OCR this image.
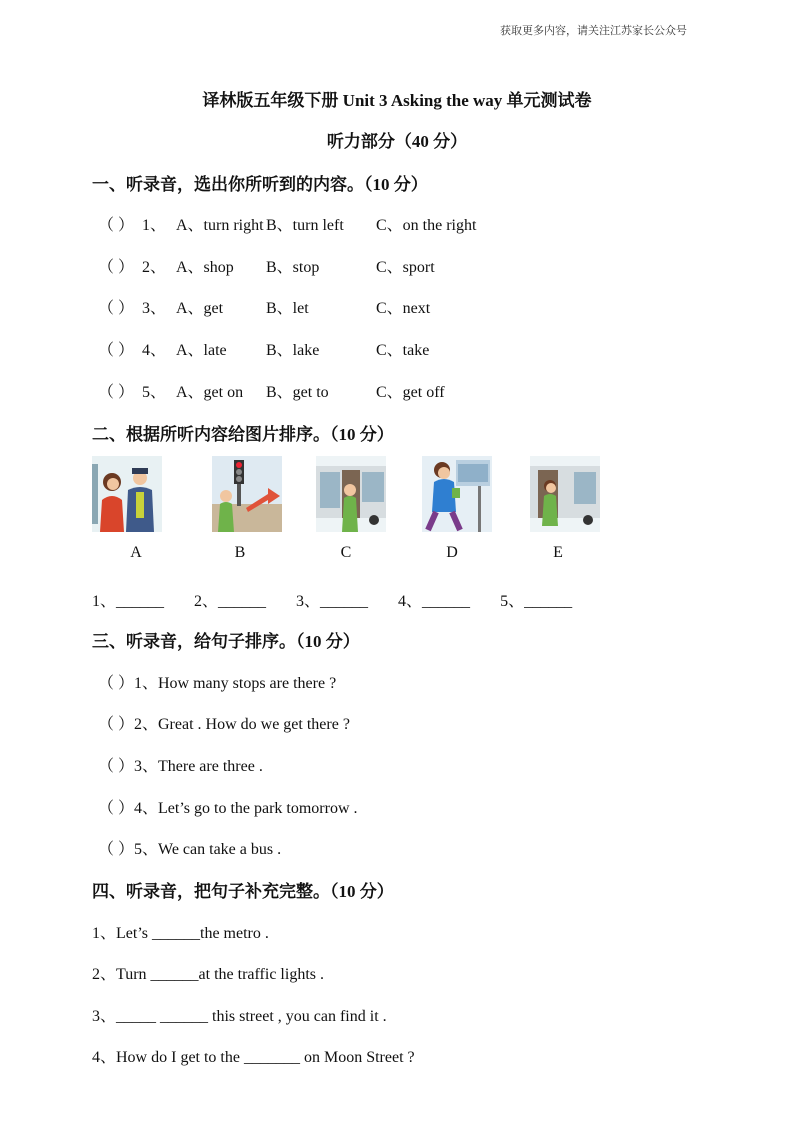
获取更多内容，请关注江苏家长公众号
译林版五年级下册 Unit 3 Asking the way 单元测试卷
听力部分（40 分）
一、听录音，选出你所听到的内容。（10 分）
（ ） 1、 A、turn right B、turn left C、on the right
（ ） 2、 A、shop B、stop	C、sport
（ ） 3、 A、get	B、let	C、next
（ ） 4、 A、late B、lake	C、take
（ ） 5、 A、get on B、get to	C、get off
二、根据所听内容给图片排序。（10 分）
A	B	C	D	E
1、______ 2、______ 3、______ 4、______ 5、______
三、听录音，给句子排序。（10 分）
（ ）1、How many stops are there ?
（ ）2、Great . How do we get there ?
（ ）3、There are three .
（ ）4、Let’s go to the park tomorrow .
（ ）5、We can take a bus .
四、听录音，把句子补充完整。（10 分）
1、Let’s ______the metro .
2、Turn ______at the traffic lights .
3、_____ ______ this street , you can find it .
4、How do I get to the _______ on Moon Street ?
